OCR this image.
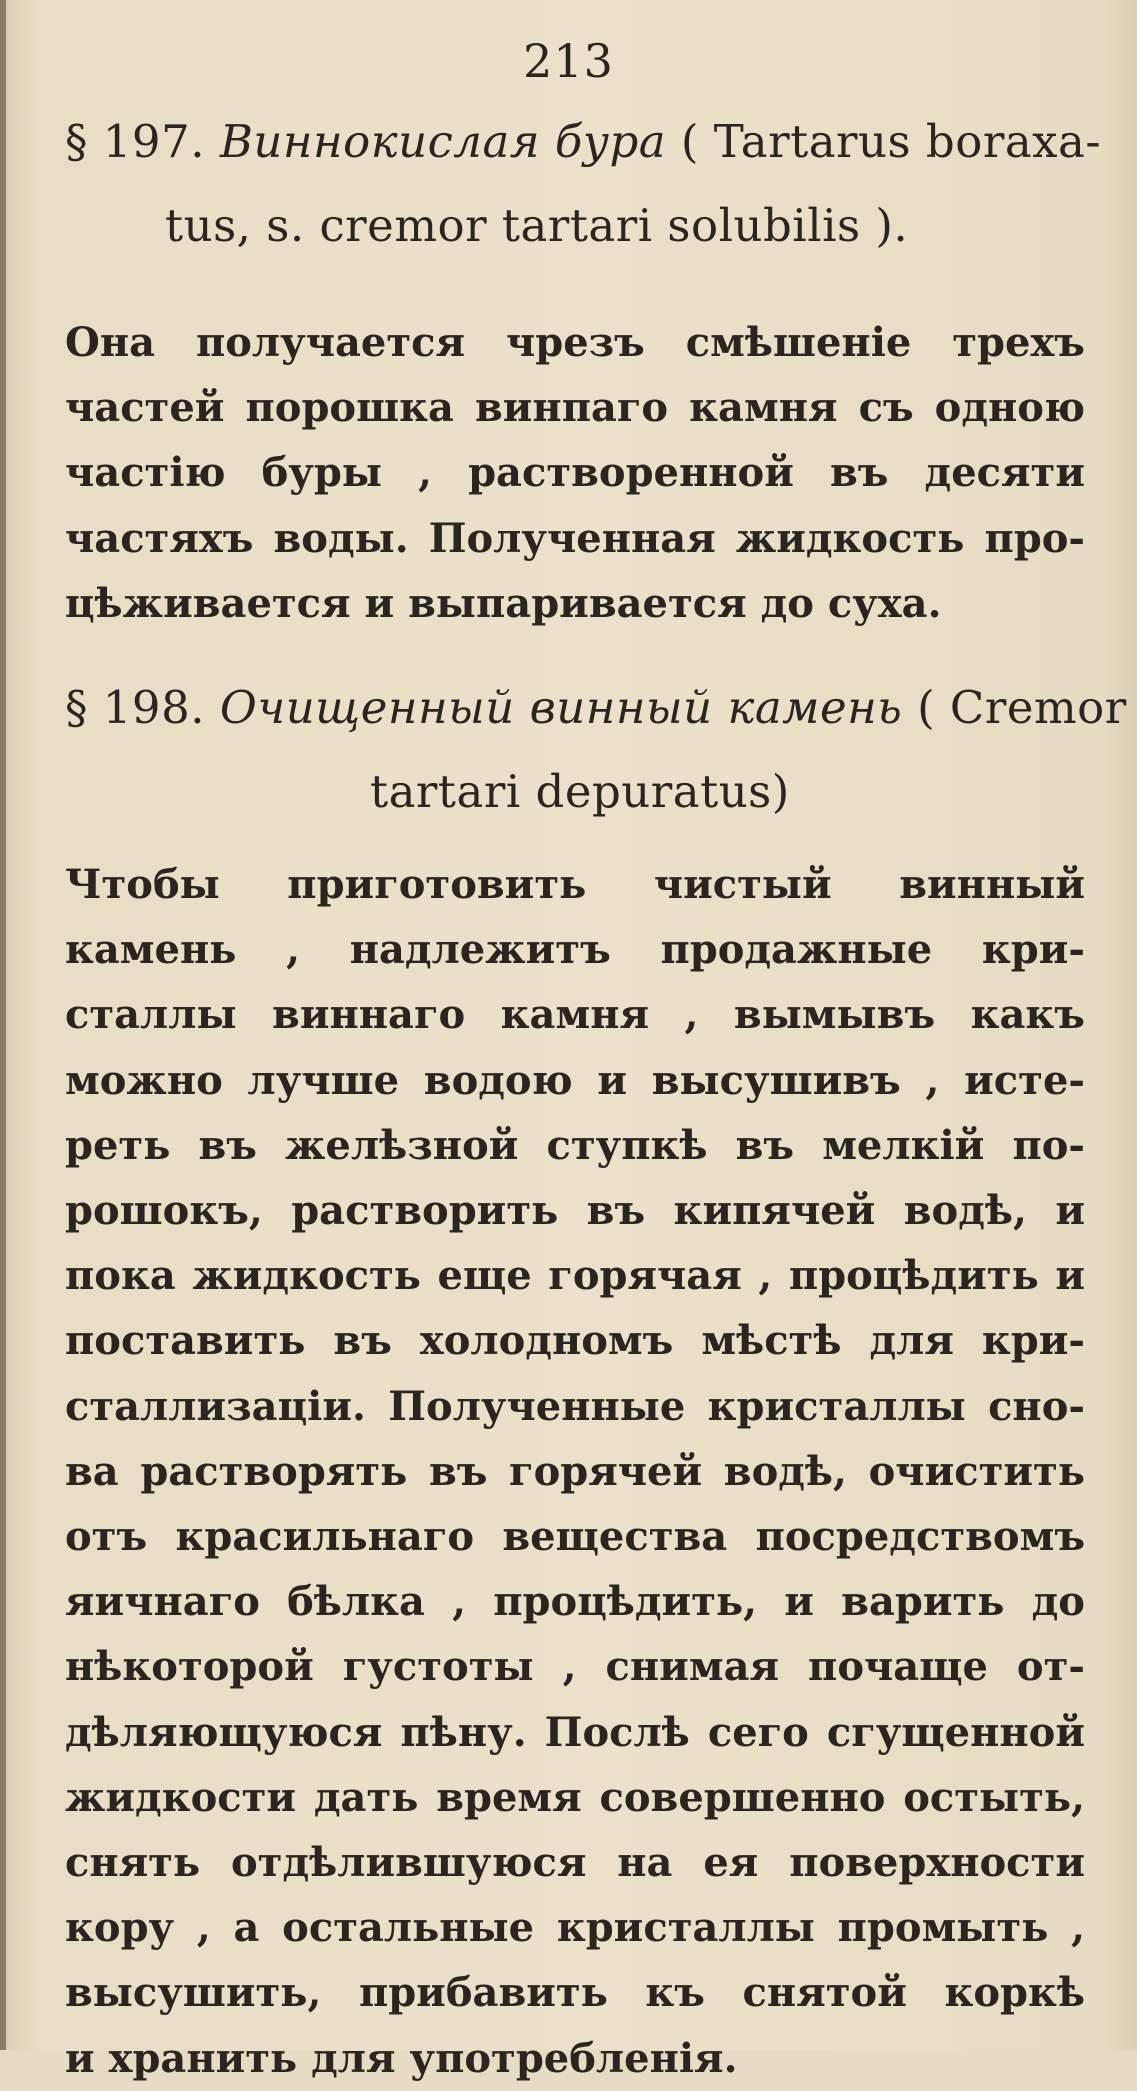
213
§ 197. Виннокислая бура ( Tartarus boraxa-
tus, s. cremor tartari solubilis ).
Она получается чрезъ смѣшеніе трехъ
частей порошка винпаго камня съ одною
частію буры , растворенной въ десяти
частяхъ воды. Полученная жидкость про-
цѣживается и выпаривается до суха.
§ 198. Очищенный винный камень ( Cremor
tartari depuratus)
Чтобы приготовить чистый винный
камень , надлежитъ продажные кри-
сталлы виннаго камня , вымывъ какъ
можно лучше водою и высушивъ , истe-
реть въ желѣзной ступкѣ въ мелкій по-
рошокъ, растворить въ кипячей водѣ, и
пока жидкость еще горячая , процѣдить и
поставить въ холодномъ мѣстѣ для кри-
сталлизаціи. Полученные кристаллы сно-
ва растворять въ горячей водѣ, очистить
отъ красильнаго вещества посредствомъ
яичнаго бѣлка , процѣдить, и варить до
нѣкоторой густоты , снимая почаще от-
дѣляющуюся пѣну. Послѣ сего сгущенной
жидкости дать время совершенно остыть,
снять отдѣлившуюся на ея поверхности
кору , а остальные кристаллы промыть ,
высушить, прибавить къ снятой коркѣ
и хранить для употребленія.
